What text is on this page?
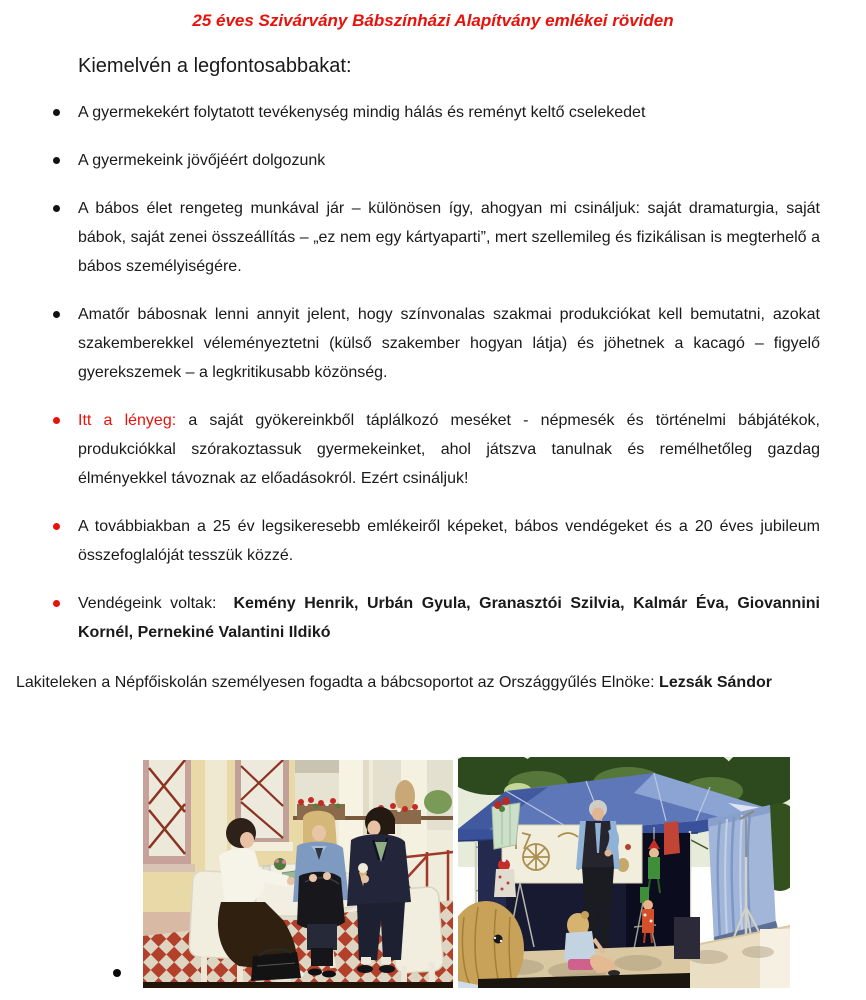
25 éves Szivárvány Bábszínházi Alapítvány emlékei röviden
Kiemelvén a legfontosabbakat:
A gyermekekért folytatott tevékenység mindig hálás és reményt keltő cselekedet
A gyermekeink jövőjéért dolgozunk
A bábos élet rengeteg munkával jár – különösen így, ahogyan mi csináljuk: saját dramaturgia, saját bábok, saját zenei összeállítás – „ez nem egy kártyaparti”, mert szellemileg és fizikálisan is megterhelő a bábos személyiségére.
Amatőr bábosnak lenni annyit jelent, hogy színvonalas szakmai produkciókat kell bemutatni, azokat szakemberekkel véleményeztetni (külső szakember hogyan látja) és jöhetnek a kacagó – figyelő gyerekszemek – a legkritikusabb közönség.
Itt a lényeg: a saját gyökereinkből táplálkozó meséket - népmesék és történelmi bábjátékok, produkciókkal szórakoztassuk gyermekeinket, ahol játszva tanulnak és remélhetőleg gazdag élményekkel távoznak az előadásokról. Ezért csináljuk!
A továbbiakban a 25 év legsikeresebb emlékeiről képeket, bábos vendégeket és a 20 éves jubileum összefoglalóját tesszük közzé.
Vendégeink voltak:  Kemény Henrik, Urbán Gyula, Granasztói Szilvia, Kalmár Éva, Giovannini Kornél, Pernekiné Valantini Ildikó

Lakiteleken a Népfőiskolán személyesen fogadta a bábcsoportot az Országgyűlés Elnöke: Lezsák Sándor
